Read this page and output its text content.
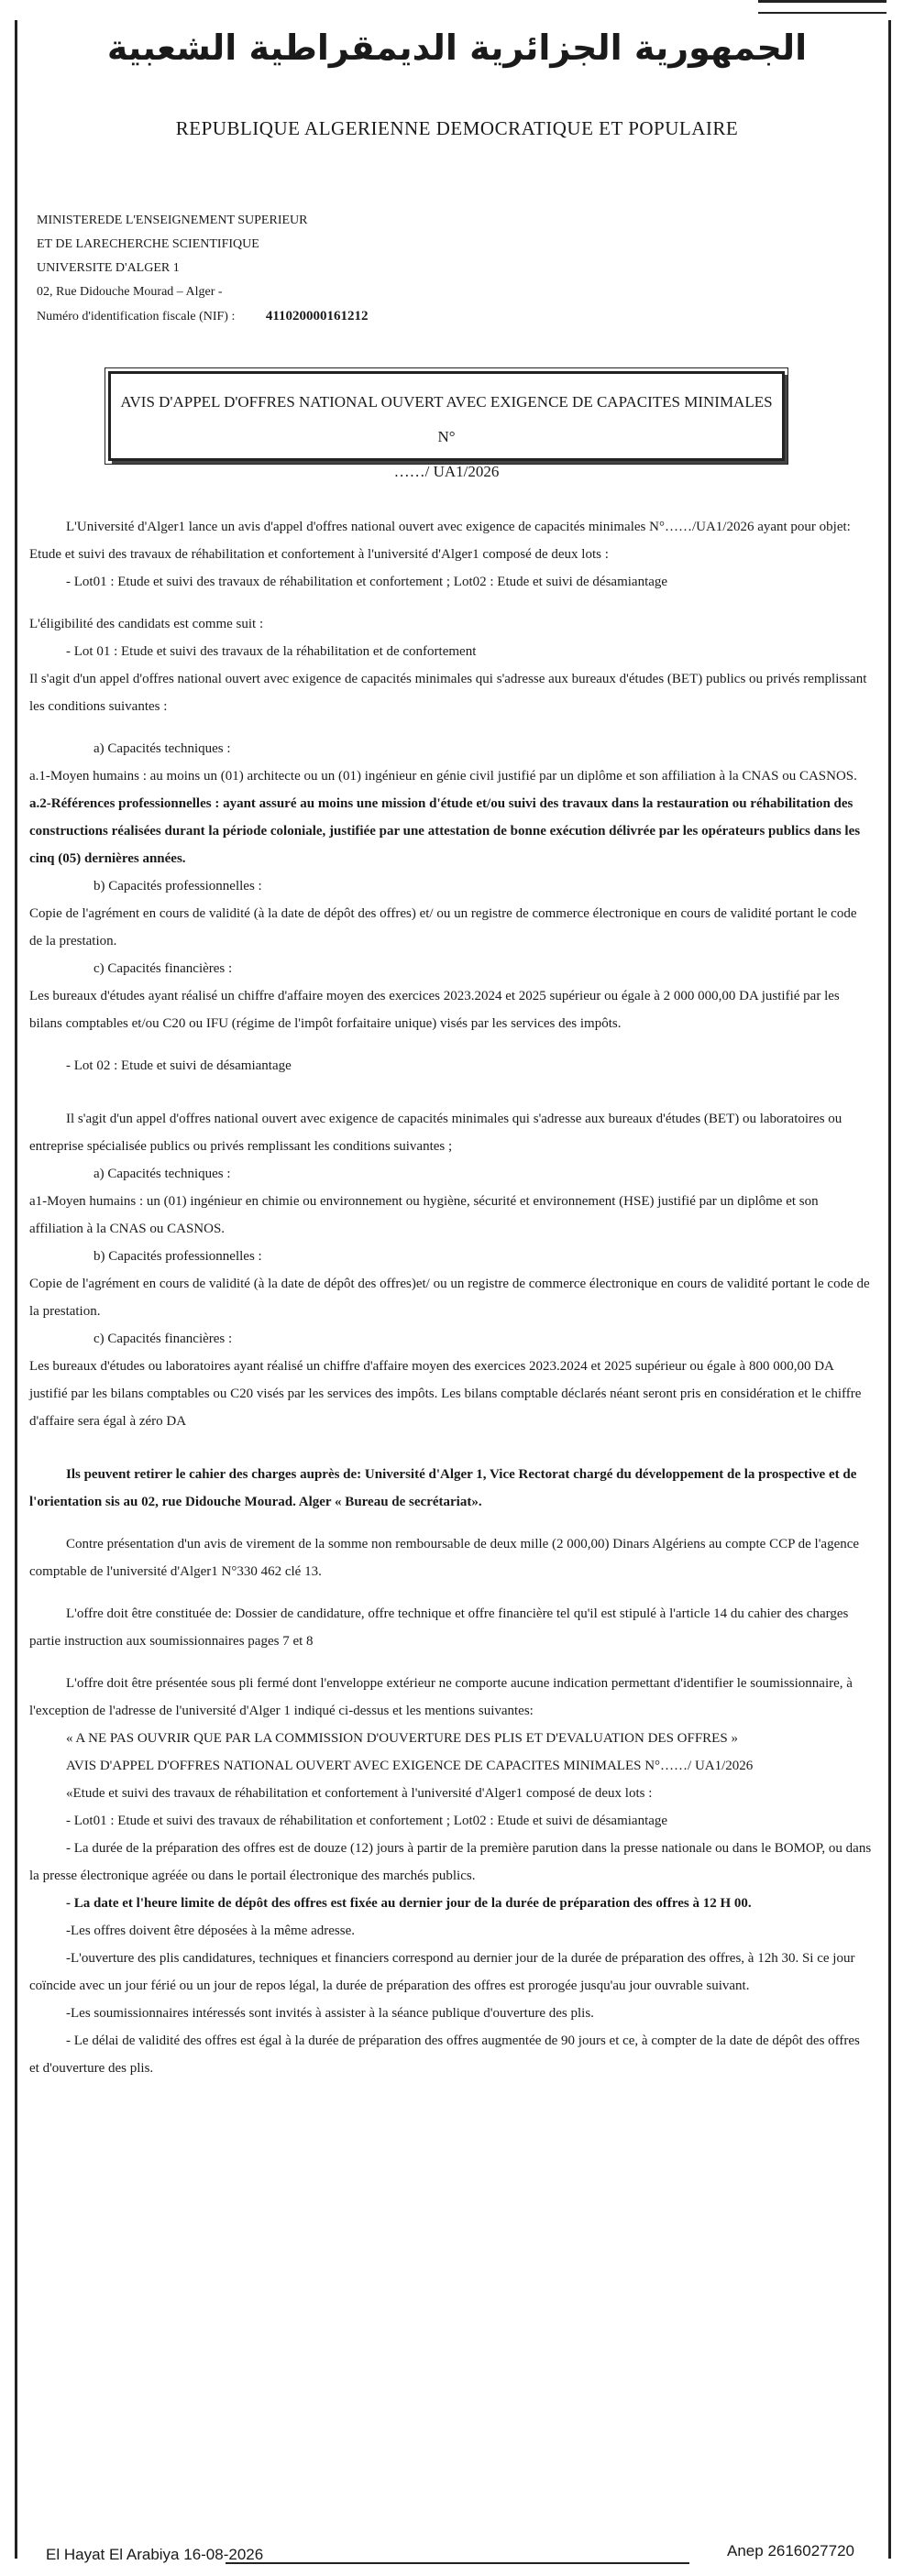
الجمهورية الجزائرية الديمقراطية الشعبية
REPUBLIQUE ALGERIENNE DEMOCRATIQUE ET POPULAIRE
MINISTEREDE L'ENSEIGNEMENT SUPERIEUR
ET DE LARECHERCHE SCIENTIFIQUE
UNIVERSITE D'ALGER 1
02, Rue Didouche Mourad – Alger -
Numéro d'identification fiscale (NIF) : 411020000161212
AVIS D'APPEL D'OFFRES NATIONAL OUVERT AVEC EXIGENCE DE CAPACITES MINIMALES N°
……/ UA1/2026

L'Université d'Alger1 lance un avis d'appel d'offres national ouvert avec exigence de capacités minimales N°……/UA1/2026 ayant pour objet: Etude et suivi des travaux de réhabilitation et confortement à l'université d'Alger1 composé de deux lots :

- Lot01 : Etude et suivi des travaux de réhabilitation et confortement ; Lot02 : Etude et suivi de désamiantage

L'éligibilité des candidats est comme suit :

- Lot 01 : Etude et suivi des travaux de la réhabilitation et de confortement

Il s'agit d'un appel d'offres national ouvert avec exigence de capacités minimales qui s'adresse aux bureaux d'études (BET) publics ou privés remplissant les conditions suivantes :

a) Capacités techniques :

a.1-Moyen humains : au moins un (01) architecte ou un (01) ingénieur en génie civil justifié par un diplôme et son affiliation à la CNAS ou CASNOS.

a.2-Références professionnelles : ayant assuré au moins une mission d'étude et/ou suivi des travaux dans la restauration ou réhabilitation des constructions réalisées durant la période coloniale, justifiée par une attestation de bonne exécution délivrée par les opérateurs publics dans les cinq (05) dernières années.

b) Capacités professionnelles :

Copie de l'agrément en cours de validité (à la date de dépôt des offres) et/ ou un registre de commerce électronique en cours de validité portant le code de la prestation.

c) Capacités financières :

Les bureaux d'études ayant réalisé un chiffre d'affaire moyen des exercices 2023.2024 et 2025 supérieur ou égale à 2 000 000,00 DA justifié par les bilans comptables et/ou C20 ou IFU (régime de l'impôt forfaitaire unique) visés par les services des impôts.

- Lot 02 : Etude et suivi de désamiantage

Il s'agit d'un appel d'offres national ouvert avec exigence de capacités minimales qui s'adresse aux bureaux d'études (BET) ou laboratoires ou entreprise spécialisée publics ou privés remplissant les conditions suivantes ;

a) Capacités techniques :

a1-Moyen humains : un (01) ingénieur en chimie ou environnement ou hygiène, sécurité et environnement (HSE) justifié par un diplôme et son affiliation à la CNAS ou CASNOS.

b) Capacités professionnelles :

Copie de l'agrément en cours de validité (à la date de dépôt des offres)et/ ou un registre de commerce électronique en cours de validité portant le code de la prestation.

c) Capacités financières :

Les bureaux d'études ou laboratoires ayant réalisé un chiffre d'affaire moyen des exercices 2023.2024 et 2025 supérieur ou égale à 800 000,00 DA justifié par les bilans comptables ou C20 visés par les services des impôts. Les bilans comptable déclarés néant seront pris en considération et le chiffre d'affaire sera égal à zéro DA

Ils peuvent retirer le cahier des charges auprès de: Université d'Alger 1, Vice Rectorat chargé du développement de la prospective et de l'orientation sis au 02, rue Didouche Mourad. Alger « Bureau de secrétariat».

Contre présentation d'un avis de virement de la somme non remboursable de deux mille (2 000,00) Dinars Algériens au compte CCP de l'agence comptable de l'université d'Alger1 N°330 462 clé 13.

L'offre doit être constituée de: Dossier de candidature, offre technique et offre financière tel qu'il est stipulé à l'article 14 du cahier des charges partie instruction aux soumissionnaires pages 7 et 8

L'offre doit être présentée sous pli fermé dont l'enveloppe extérieur ne comporte aucune indication permettant d'identifier le soumissionnaire, à l'exception de l'adresse de l'université d'Alger 1 indiqué ci-dessus et les mentions suivantes:

« A NE PAS OUVRIR QUE PAR LA COMMISSION D'OUVERTURE DES PLIS ET D'EVALUATION DES OFFRES »

AVIS D'APPEL D'OFFRES NATIONAL OUVERT AVEC EXIGENCE DE CAPACITES MINIMALES N°……/ UA1/2026

«Etude et suivi des travaux de réhabilitation et confortement à l'université d'Alger1 composé de deux lots :

- Lot01 : Etude et suivi des travaux de réhabilitation et confortement ; Lot02 : Etude et suivi de désamiantage

- La durée de la préparation des offres est de douze (12) jours à partir de la première parution dans la presse nationale ou dans le BOMOP, ou dans la presse électronique agréée ou dans le portail électronique des marchés publics.

- La date et l'heure limite de dépôt des offres est fixée au dernier jour de la durée de préparation des offres à 12 H 00.

-Les offres doivent être déposées à la même adresse.

-L'ouverture des plis candidatures, techniques et financiers correspond au dernier jour de la durée de préparation des offres, à 12h 30. Si ce jour coïncide avec un jour férié ou un jour de repos légal, la durée de préparation des offres est prorogée jusqu'au jour ouvrable suivant.

-Les soumissionnaires intéressés sont invités à assister à la séance publique d'ouverture des plis.

- Le délai de validité des offres est égal à la durée de préparation des offres augmentée de 90 jours et ce, à compter de la date de dépôt des offres et d'ouverture des plis.

El Hayat El Arabiya 16-08-2026	Anep 2616027720
